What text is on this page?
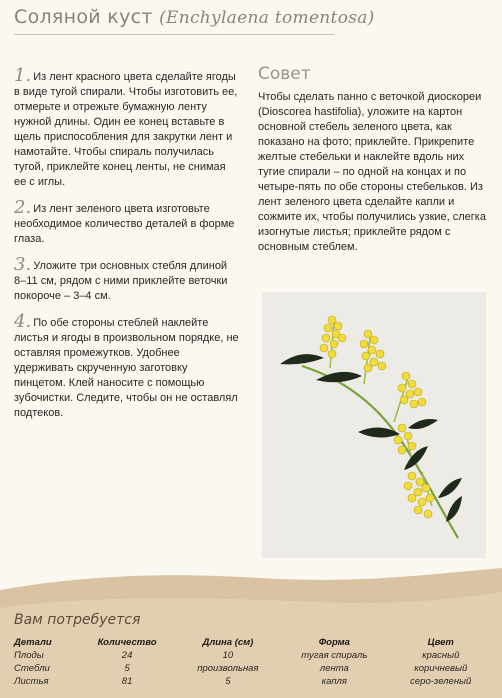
Соляной куст (Enchylaena tomentosa)

1. Из лент красного цвета сделайте ягоды в виде тугой спирали. Чтобы изготовить ее, отмерьте и отрежьте бумажную ленту нужной длины. Один ее конец вставьте в щель приспособления для закрутки лент и намотайте. Чтобы спираль получилась тугой, приклейте конец ленты, не снимая ее с иглы.

2. Из лент зеленого цвета изготовьте необходимое количество деталей в форме глаза.

3. Уложите три основных стебля длиной 8–11 см, рядом с ними приклейте веточки покороче – 3–4 см.

4. По обе стороны стеблей наклейте листья и ягоды в произвольном порядке, не оставляя промежутков. Удобнее удерживать скрученную заготовку пинцетом. Клей наносите с помощью зубочистки. Следите, чтобы он не оставлял подтеков.

Совет

Чтобы сделать панно с веточкой диоскореи (Dioscorea hastifolia), уложите на картон основной стебель зеленого цвета, как показано на фото; приклейте. Прикрепите желтые стебельки и наклейте вдоль них тугие спирали – по одной на концах и по четыре-пять по обе стороны стебельков. Из лент зеленого цвета сделайте капли и сожмите их, чтобы получились узкие, слегка изогнутые листья; приклейте рядом с основным стеблем.

Вам потребуется
Детали	Количество	Длина (см)	Форма	Цвет
Плоды	24	10	тугая спираль	красный
Стебли	5	произвольная	лента	коричневый
Листья	81	5	капля	серо-зеленый
